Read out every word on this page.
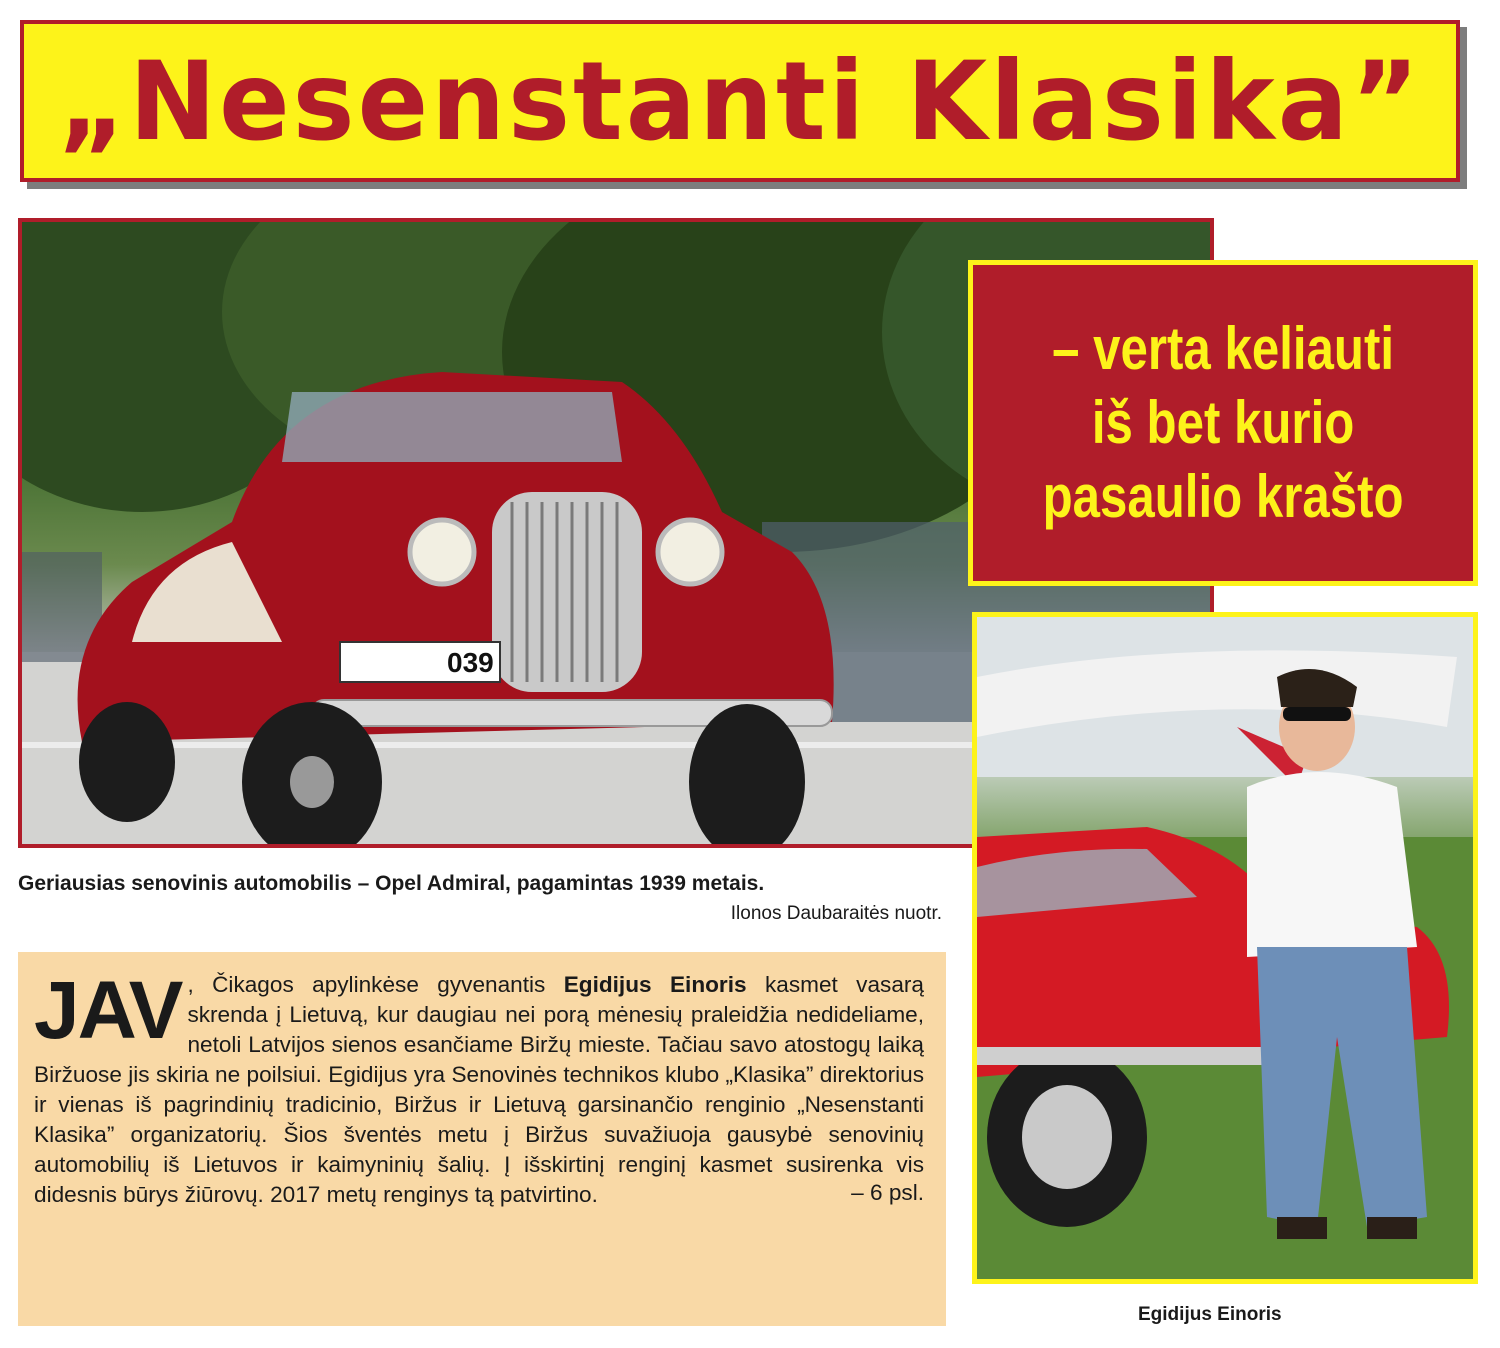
„Nesenstanti Klasika”
039
– verta keliauti
iš bet kurio
pasaulio krašto
Geriausias senovinis automobilis – Opel Admiral, pagamintas 1939 metais.
Ilonos Daubaraitės nuotr.
Egidijus Einoris
JAV , Čikagos apylinkėse gyvenantis Egidijus Einoris kasmet vasarą skrenda į Lietuvą, kur daugiau nei porą mėnesių praleidžia nedideliame, netoli Latvijos sienos esančiame Biržų mieste. Tačiau savo atostogų laiką Biržuose jis skiria ne poilsiui. Egidijus yra Senovinės technikos klubo „Klasika” direktorius ir vienas iš pagrindinių tradicinio, Biržus ir Lietuvą garsinančio renginio „Nesenstanti Klasika” organizatorių. Šios šventės metu į Biržus suvažiuoja gausybė senovinių automobilių iš Lietuvos ir kaimyninių šalių. Į išskirtinį renginį kasmet susirenka vis didesnis būrys žiūrovų. 2017 metų renginys tą patvirtino.	– 6 psl.
